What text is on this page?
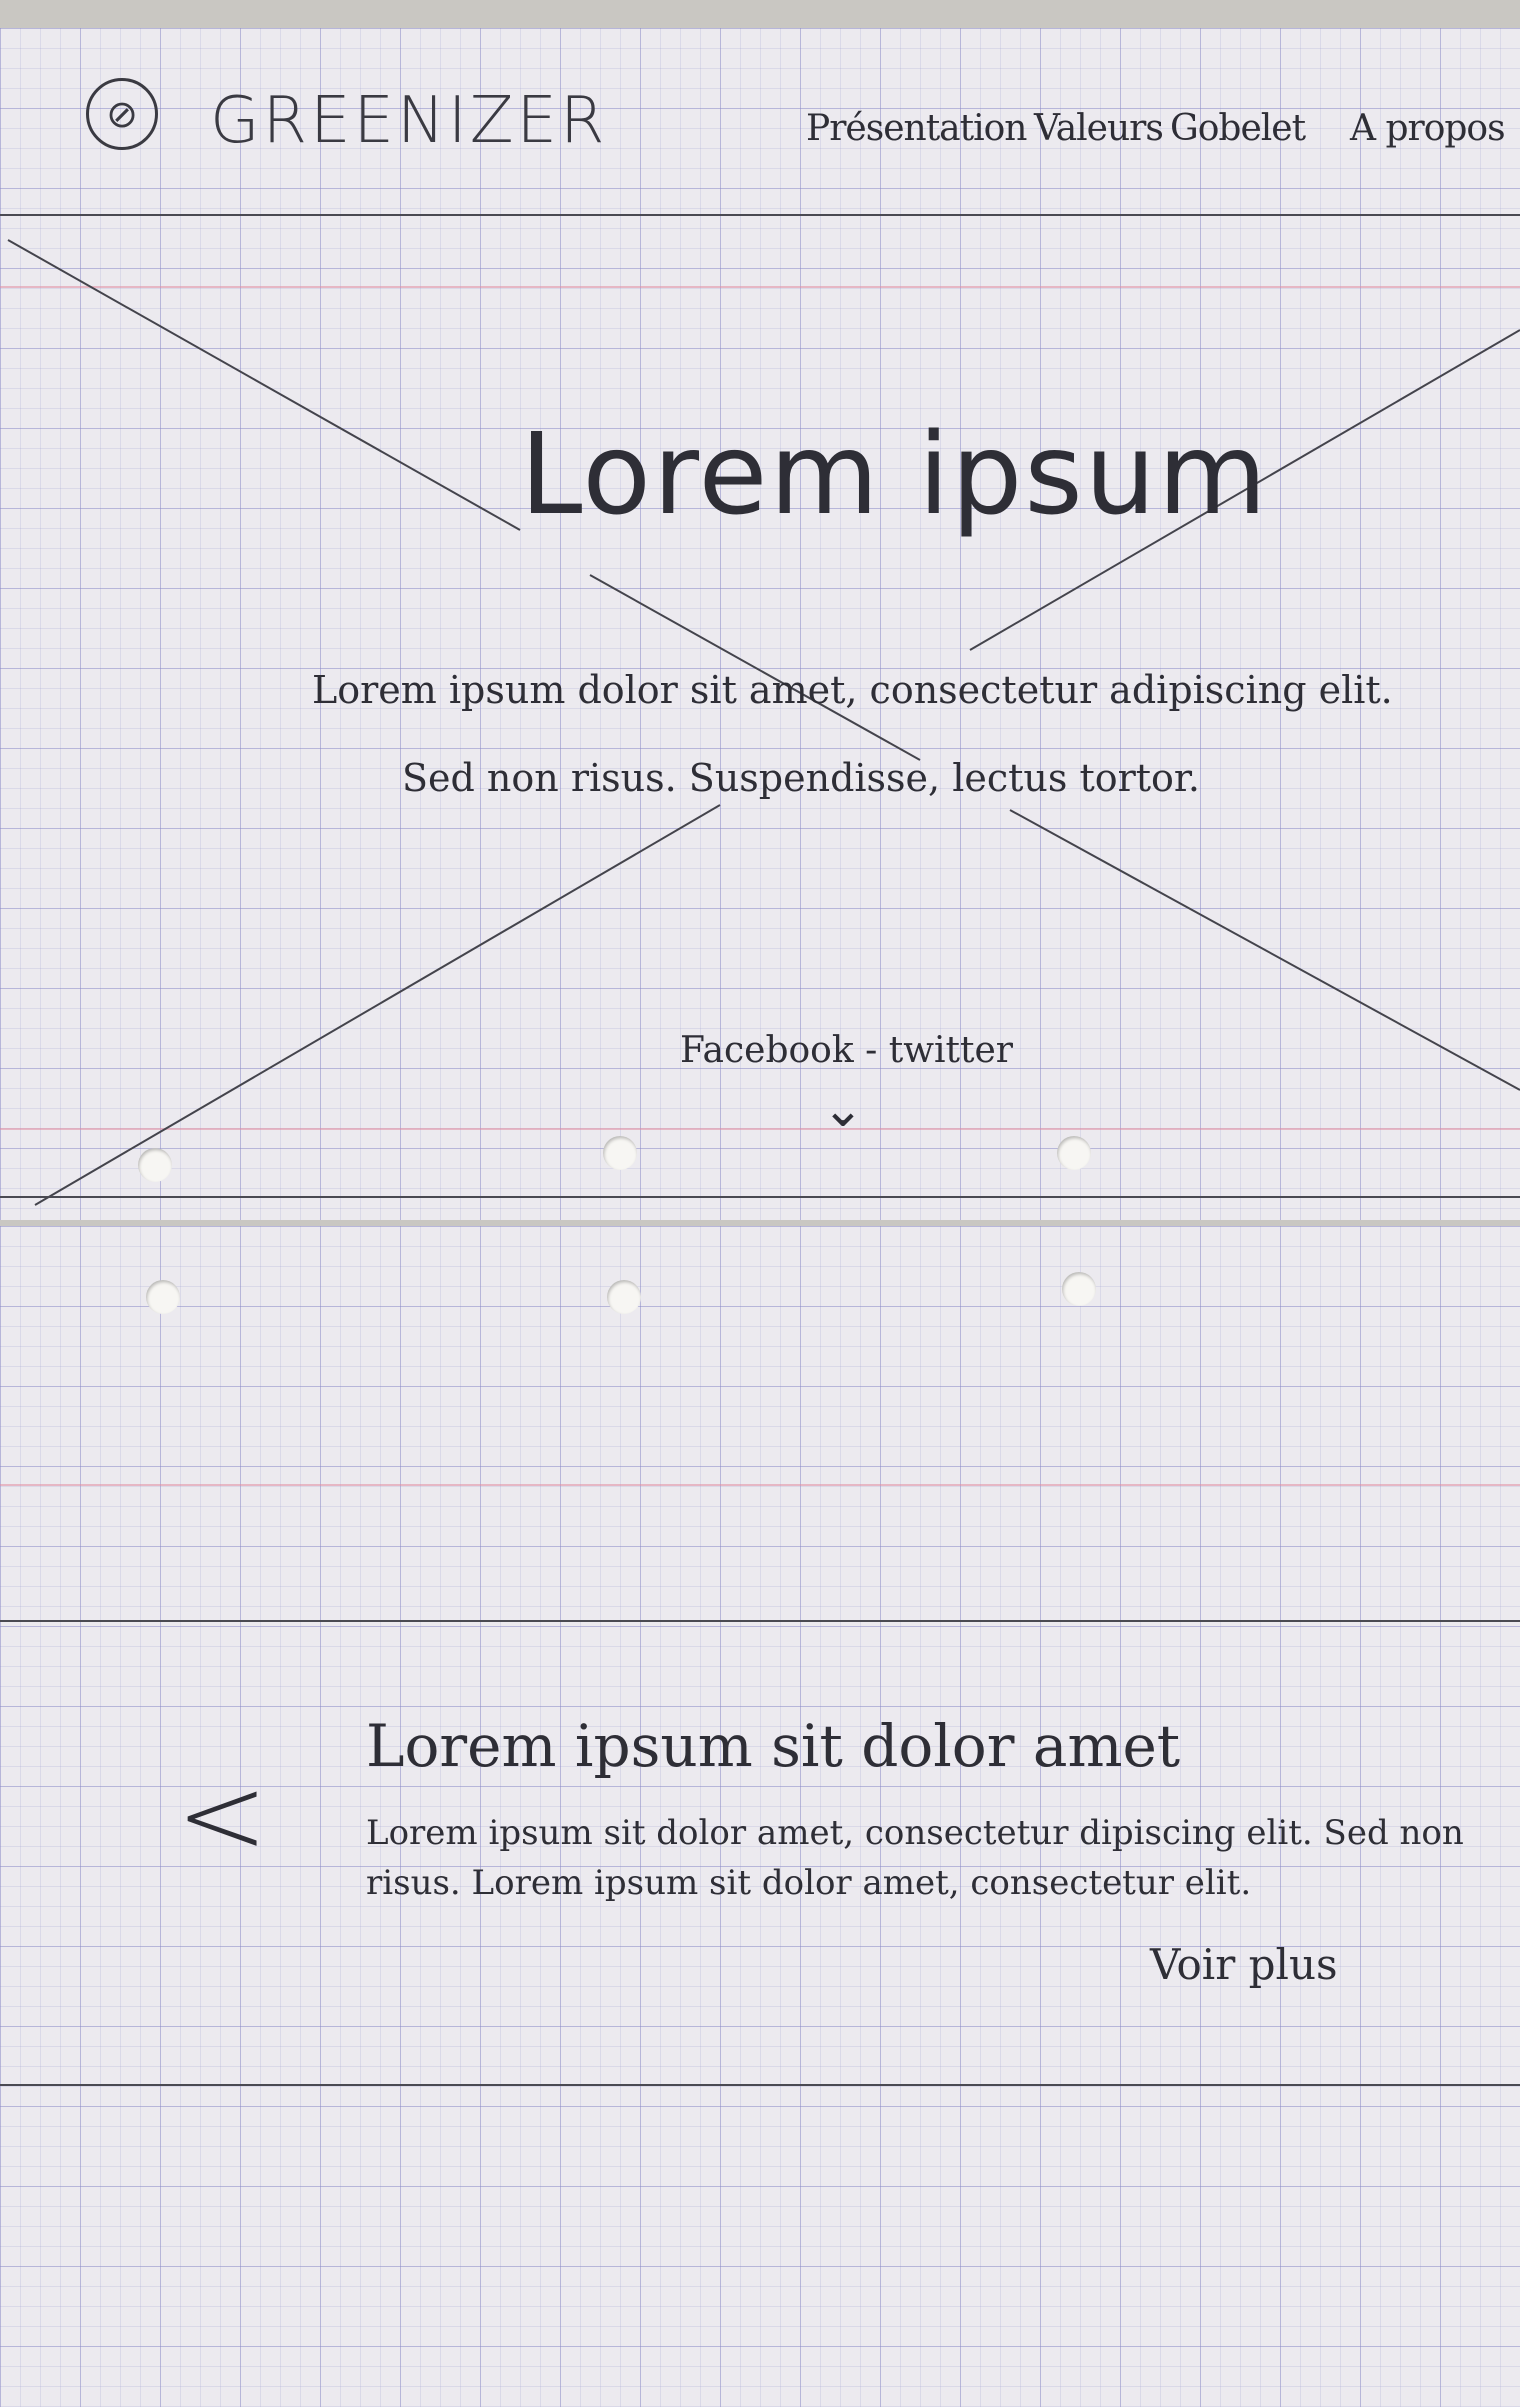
⊘ GREENIZER	Présentation Valeurs Gobelet A propos
Lorem ipsum
Lorem ipsum dolor sit amet, consectetur adipiscing elit.
Sed non risus. Suspendisse, lectus tortor.
Facebook - twitter
⌄
<
Lorem ipsum sit dolor amet
Lorem ipsum sit dolor amet, consectetur dipiscing elit. Sed non risus. Lorem ipsum sit dolor amet, consectetur elit.
Voir plus
